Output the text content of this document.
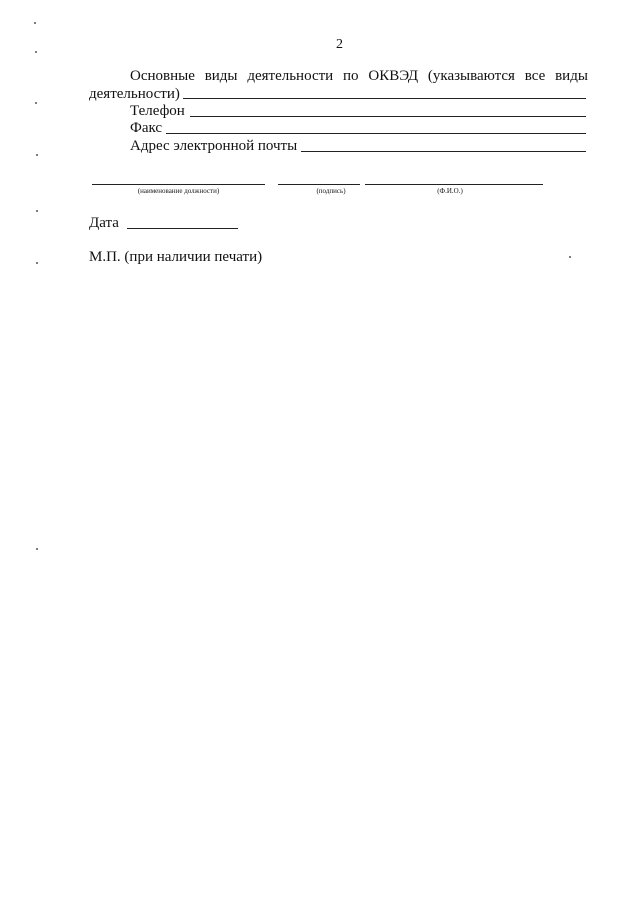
2
Основные виды деятельности по ОКВЭД (указываются все виды
деятельности)
Телефон
Факс
Адрес электронной почты
(наименование должности)	(подпись)	(Ф.И.О.)
Дата
М.П. (при наличии печати)
